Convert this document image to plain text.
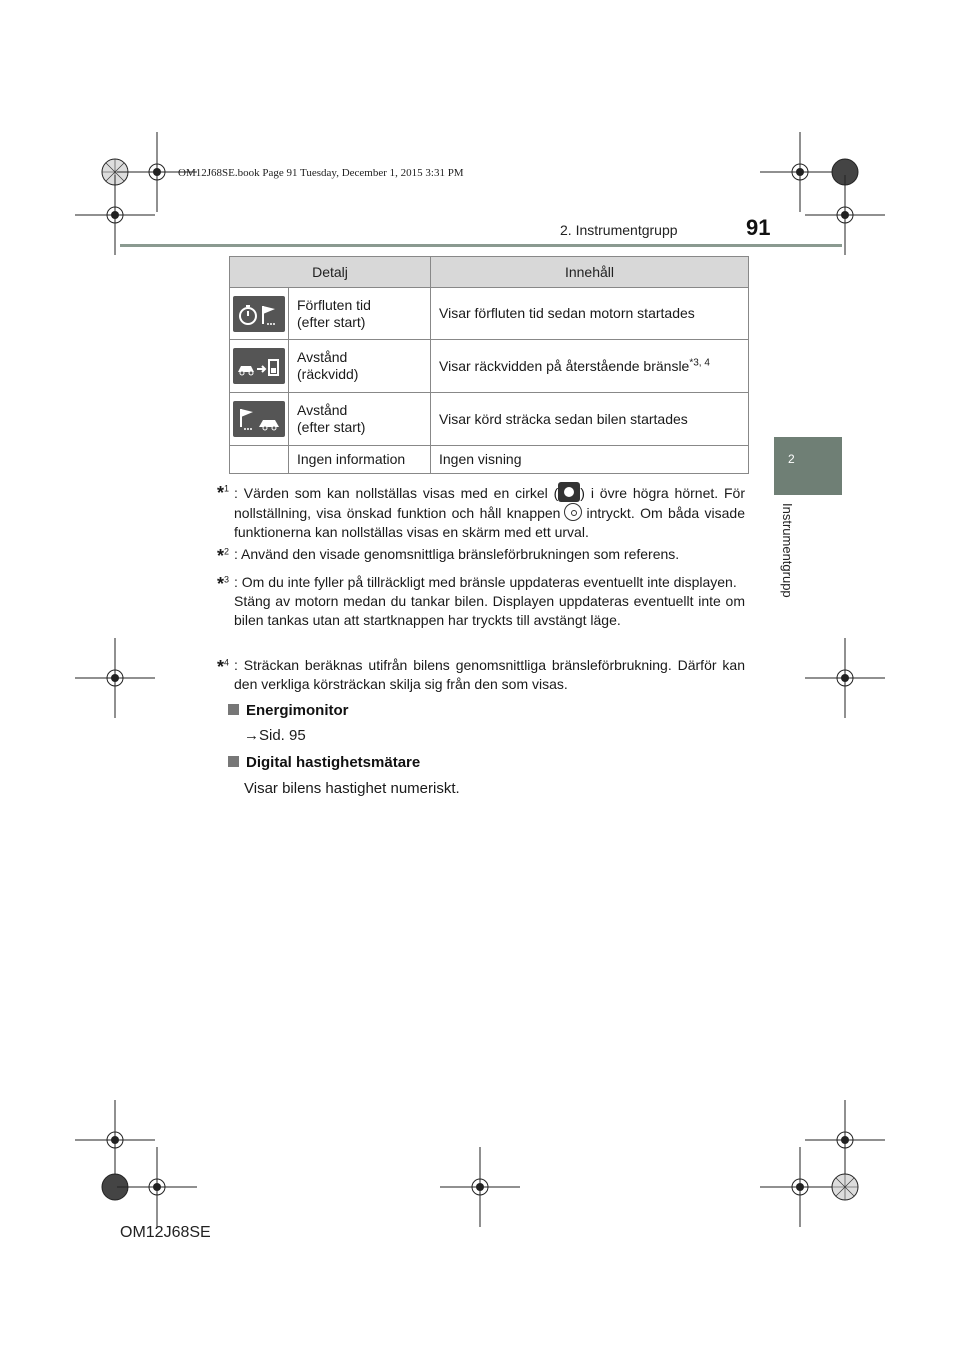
OM12J68SE.book Page 91 Tuesday, December 1, 2015 3:31 PM
2. Instrumentgrupp	91
2
Instrumentgrupp
Detalj		Innehåll

Förfluten tid
(efter start)	Visar förfluten tid sedan motorn startades

Avstånd
(räckvidd)	Visar räckvidden på återstående bränsle$^{*3, 4}$

Avstånd
(efter start)	Visar körd sträcka sedan bilen startades

	Ingen information	Ingen visning
*$^1$ : Värden som kan nollställas visas med en cirkel ( ) i övre högra hörnet. För nollställning, visa önskad funktion och håll knappen intryckt. Om båda visade funktionerna kan nollställas visas en skärm med ett urval.
*$^2$ : Använd den visade genomsnittliga bränsleförbrukningen som referens.
*$^3$ : Om du inte fyller på tillräckligt med bränsle uppdateras eventuellt inte displayen.
Stäng av motorn medan du tankar bilen. Displayen uppdateras eventuellt inte om bilen tankas utan att startknappen har tryckts till avstängt läge.
*$^4$ : Sträckan beräknas utifrån bilens genomsnittliga bränsleförbrukning. Därför kan den verkliga körsträckan skilja sig från den som visas.
Energimonitor
→Sid. 95
Digital hastighetsmätare
Visar bilens hastighet numeriskt.
OM12J68SE
